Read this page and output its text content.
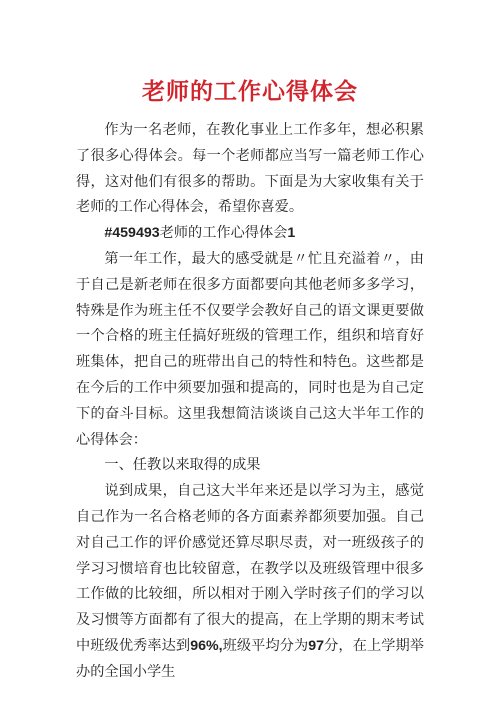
老师的工作心得体会

作为一名老师，在教化事业上工作多年，想必积累了很多心得体会。每一个老师都应当写一篇老师工作心得，这对他们有很多的帮助。下面是为大家收集有关于老师的工作心得体会，希望你喜爱。

#459493老师的工作心得体会1

第一年工作，最大的感受就是〃忙且充溢着〃，由于自己是新老师在很多方面都要向其他老师多多学习，特殊是作为班主任不仅要学会教好自己的语文课更要做一个合格的班主任搞好班级的管理工作，组织和培育好班集体，把自己的班带出自己的特性和特色。这些都是在今后的工作中须要加强和提高的，同时也是为自己定下的奋斗目标。这里我想简洁谈谈自己这大半年工作的心得体会：

一、任教以来取得的成果

说到成果，自己这大半年来还是以学习为主，感觉自己作为一名合格老师的各方面素养都须要加强。自己对自己工作的评价感觉还算尽职尽责，对一班级孩子的学习习惯培育也比较留意，在教学以及班级管理中很多工作做的比较细，所以相对于刚入学时孩子们的学习以及习惯等方面都有了很大的提高，在上学期的期末考试中班级优秀率达到96%,班级平均分为97分，在上学期举办的全国小学生
